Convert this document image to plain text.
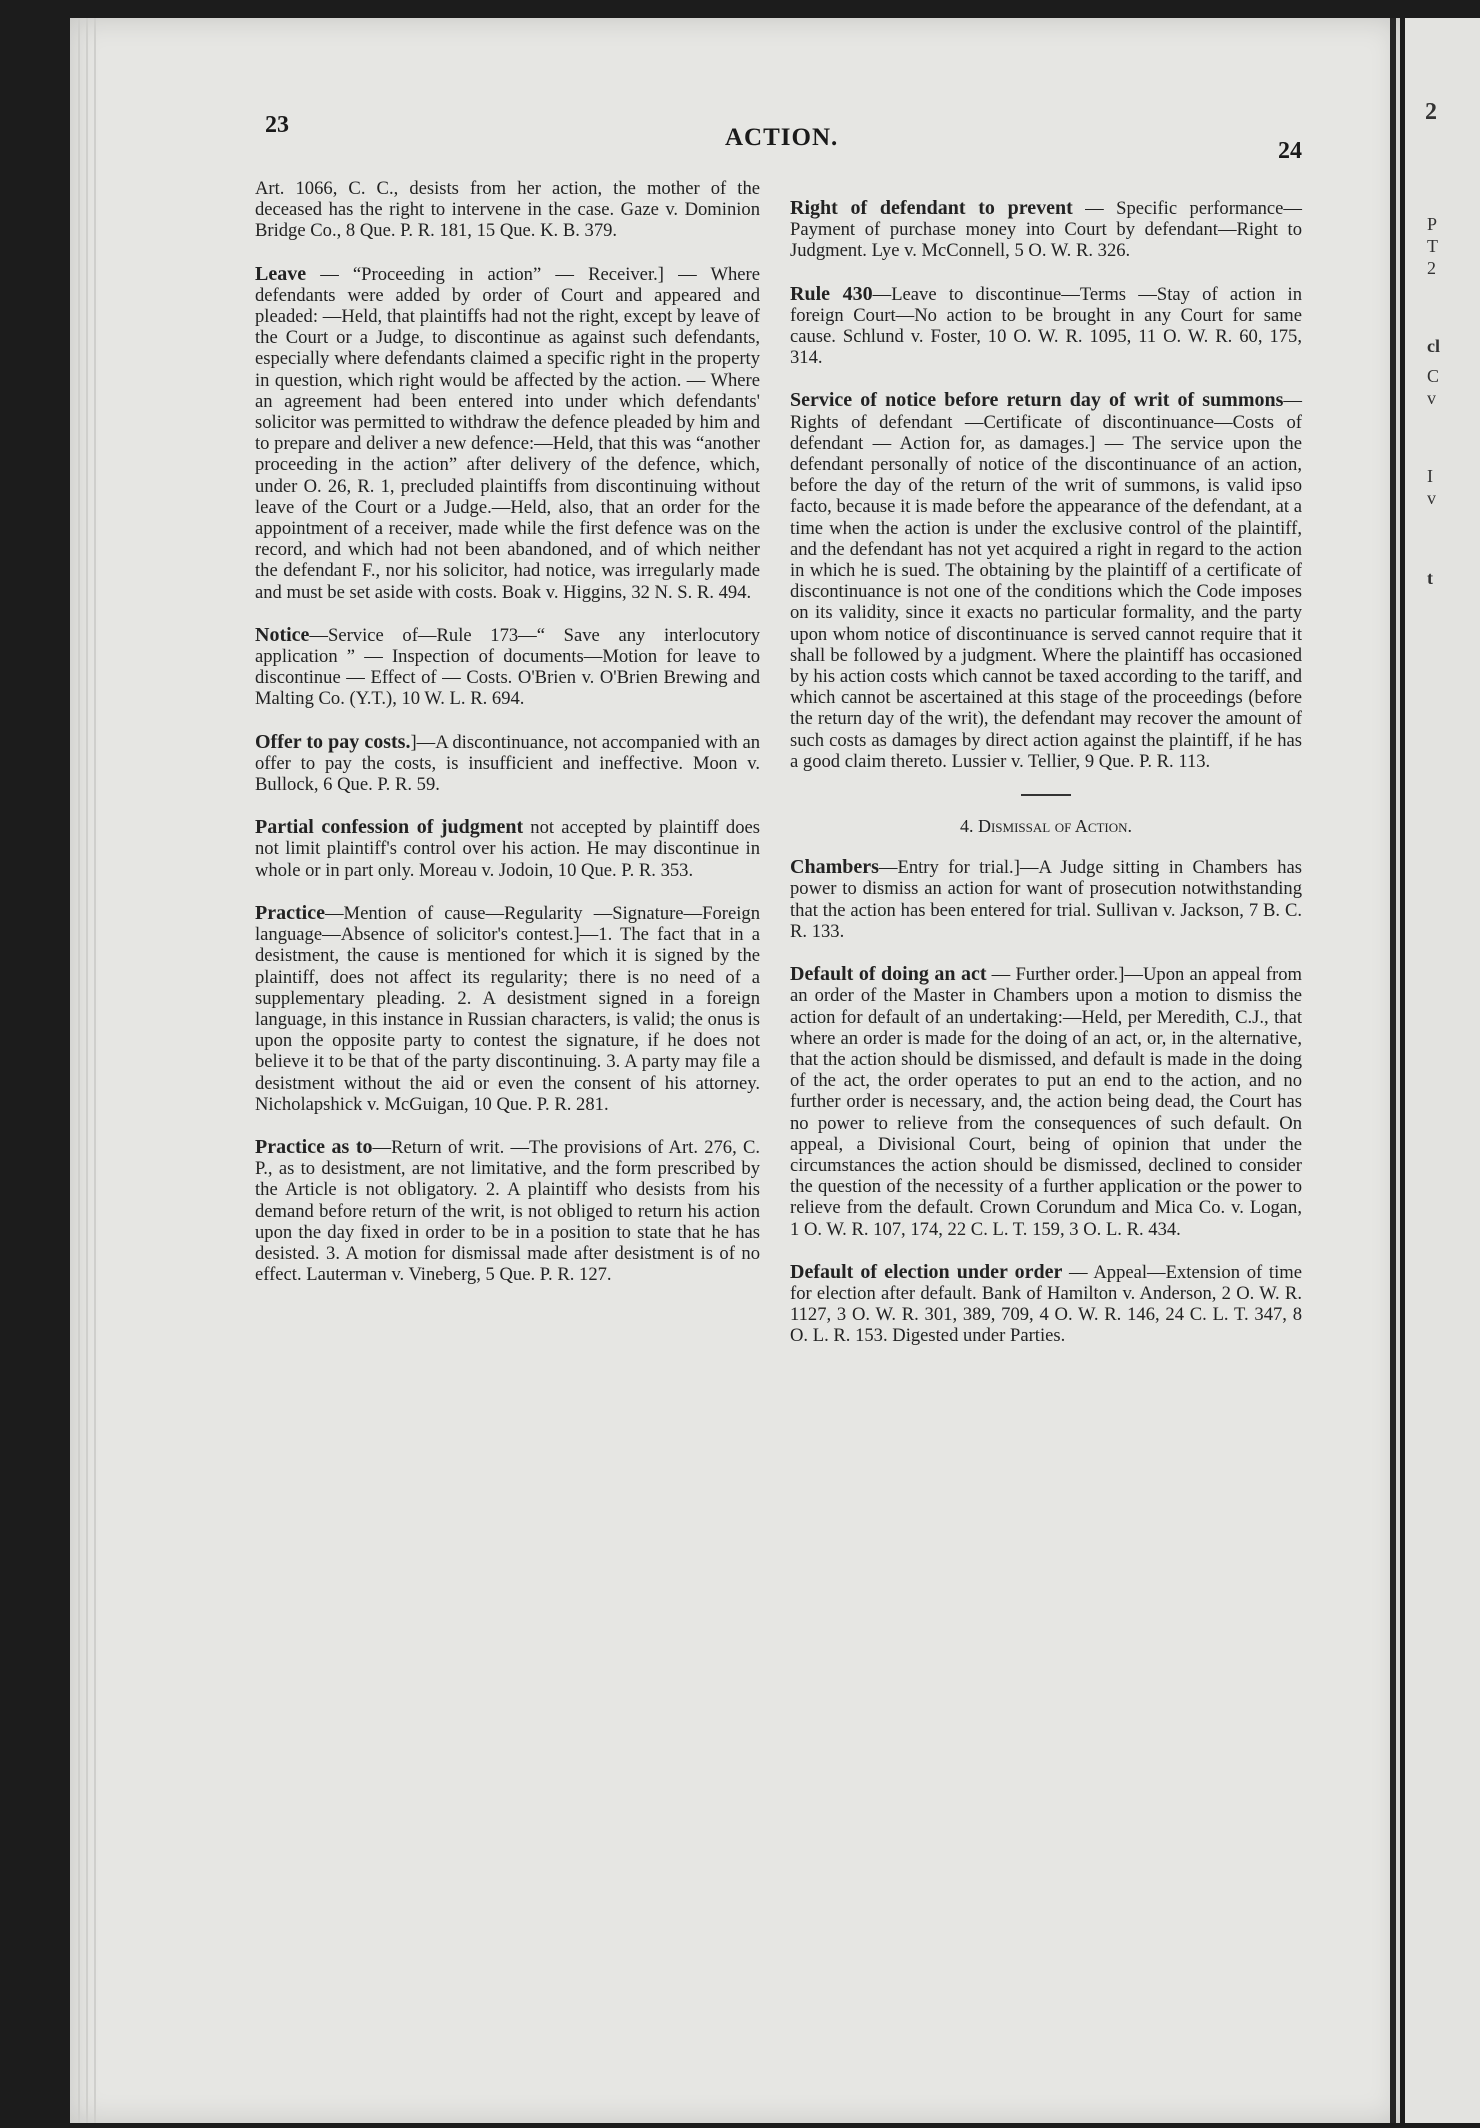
2
P
T
2
cl
C
v
I
v
t
23	ACTION.	24

Art. 1066, C. C., desists from her action, the mother of the deceased has the right to intervene in the case. Gaze v. Dominion Bridge Co., 8 Que. P. R. 181, 15 Que. K. B. 379.

Leave — “Proceeding in action” — Receiver.] — Where defendants were added by order of Court and appeared and pleaded: —Held, that plaintiffs had not the right, except by leave of the Court or a Judge, to discontinue as against such defendants, especially where defendants claimed a specific right in the property in question, which right would be affected by the action. — Where an agreement had been entered into under which defendants' solicitor was permitted to withdraw the defence pleaded by him and to prepare and deliver a new defence:—Held, that this was “another proceeding in the action” after delivery of the defence, which, under O. 26, R. 1, precluded plaintiffs from discontinuing without leave of the Court or a Judge.—Held, also, that an order for the appointment of a receiver, made while the first defence was on the record, and which had not been abandoned, and of which neither the defendant F., nor his solicitor, had notice, was irregularly made and must be set aside with costs. Boak v. Higgins, 32 N. S. R. 494.

Notice—Service of—Rule 173—“ Save any interlocutory application ” — Inspection of documents—Motion for leave to discontinue — Effect of — Costs. O'Brien v. O'Brien Brewing and Malting Co. (Y.T.), 10 W. L. R. 694.

Offer to pay costs.]—A discontinuance, not accompanied with an offer to pay the costs, is insufficient and ineffective. Moon v. Bullock, 6 Que. P. R. 59.

Partial confession of judgment not accepted by plaintiff does not limit plaintiff's control over his action. He may discontinue in whole or in part only. Moreau v. Jodoin, 10 Que. P. R. 353.

Practice—Mention of cause—Regularity —Signature—Foreign language—Absence of solicitor's contest.]—1. The fact that in a desistment, the cause is mentioned for which it is signed by the plaintiff, does not affect its regularity; there is no need of a supplementary pleading. 2. A desistment signed in a foreign language, in this instance in Russian characters, is valid; the onus is upon the opposite party to contest the signature, if he does not believe it to be that of the party discontinuing. 3. A party may file a desistment without the aid or even the consent of his attorney. Nicholapshick v. McGuigan, 10 Que. P. R. 281.

Practice as to—Return of writ. —The provisions of Art. 276, C. P., as to desistment, are not limitative, and the form prescribed by the Article is not obligatory. 2. A plaintiff who desists from his demand before return of the writ, is not obliged to return his action upon the day fixed in order to be in a position to state that he has desisted. 3. A motion for dismissal made after desistment is of no effect. Lauterman v. Vineberg, 5 Que. P. R. 127.

Right of defendant to prevent — Specific performance—Payment of purchase money into Court by defendant—Right to Judgment. Lye v. McConnell, 5 O. W. R. 326.

Rule 430—Leave to discontinue—Terms —Stay of action in foreign Court—No action to be brought in any Court for same cause. Schlund v. Foster, 10 O. W. R. 1095, 11 O. W. R. 60, 175, 314.

Service of notice before return day of writ of summons—Rights of defendant —Certificate of discontinuance—Costs of defendant — Action for, as damages.] — The service upon the defendant personally of notice of the discontinuance of an action, before the day of the return of the writ of summons, is valid ipso facto, because it is made before the appearance of the defendant, at a time when the action is under the exclusive control of the plaintiff, and the defendant has not yet acquired a right in regard to the action in which he is sued. The obtaining by the plaintiff of a certificate of discontinuance is not one of the conditions which the Code imposes on its validity, since it exacts no particular formality, and the party upon whom notice of discontinuance is served cannot require that it shall be followed by a judgment. Where the plaintiff has occasioned by his action costs which cannot be taxed according to the tariff, and which cannot be ascertained at this stage of the proceedings (before the return day of the writ), the defendant may recover the amount of such costs as damages by direct action against the plaintiff, if he has a good claim thereto. Lussier v. Tellier, 9 Que. P. R. 113.

4. Dismissal of Action.

Chambers—Entry for trial.]—A Judge sitting in Chambers has power to dismiss an action for want of prosecution notwithstanding that the action has been entered for trial. Sullivan v. Jackson, 7 B. C. R. 133.

Default of doing an act — Further order.]—Upon an appeal from an order of the Master in Chambers upon a motion to dismiss the action for default of an undertaking:—Held, per Meredith, C.J., that where an order is made for the doing of an act, or, in the alternative, that the action should be dismissed, and default is made in the doing of the act, the order operates to put an end to the action, and no further order is necessary, and, the action being dead, the Court has no power to relieve from the consequences of such default. On appeal, a Divisional Court, being of opinion that under the circumstances the action should be dismissed, declined to consider the question of the necessity of a further application or the power to relieve from the default. Crown Corundum and Mica Co. v. Logan, 1 O. W. R. 107, 174, 22 C. L. T. 159, 3 O. L. R. 434.

Default of election under order — Appeal—Extension of time for election after default. Bank of Hamilton v. Anderson, 2 O. W. R. 1127, 3 O. W. R. 301, 389, 709, 4 O. W. R. 146, 24 C. L. T. 347, 8 O. L. R. 153. Digested under Parties.
